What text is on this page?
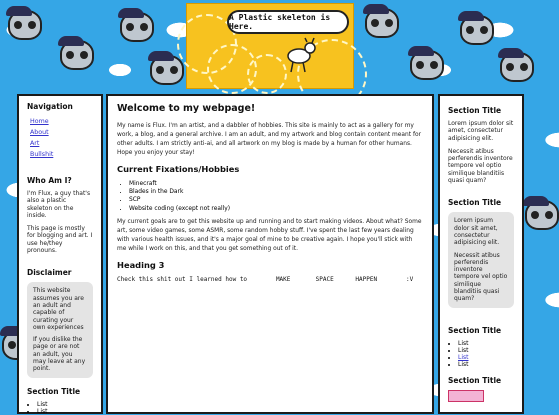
A Plastic skeleton is Here.
Navigation
Home
About
Art
Bullshit
Who Am I?

I'm Flux, a guy that's also a plastic skeleton on the inside.

This page is mostly for blogging and art. I use he/they pronouns.

Disclaimer

This website assumes you are an adult and capable of curating your own experiences

If you dislike the page or are not an adult, you may leave at any point.

Section Title
• List
• List
Welcome to my webpage!

My name is Flux. I'm an artist, and a dabbler of hobbies. This site is mainly to act as a gallery for my work, a blog, and a general archive. I am an adult, and my artwork and blog contain content meant for other adults. I am strictly anti-ai, and all artwork on my blog is made by a human for other humans. Hope you enjoy your stay!

Current Fixations/Hobbies
• Minecraft
• Blades in the Dark
• SCP
• Website coding (except not really)

My current goals are to get this website up and running and to start making videos. About what? Some art, some video games, some ASMR, some random hobby stuff. I've spent the last few years dealing with various health issues, and it's a major goal of mine to be creative again. I hope you'll stick with me while I work on this, and that you get something out of it.

Heading 3
Check this shit out I learned how to        MAKE       SPACE      HAPPEN        :V
Section Title

Lorem ipsum dolor sit amet, consectetur adipisicing elit.

Necessit atibus perferendis inventore tempore vel optio similique blanditiis quasi quam?

Section Title

Lorem ipsum dolor sit amet, consectetur adipisicing elit.

Necessit atibus perferendis inventore tempore vel optio similique blanditiis quasi quam?

Section Title
• List
• List
• List
• List
Section Title
